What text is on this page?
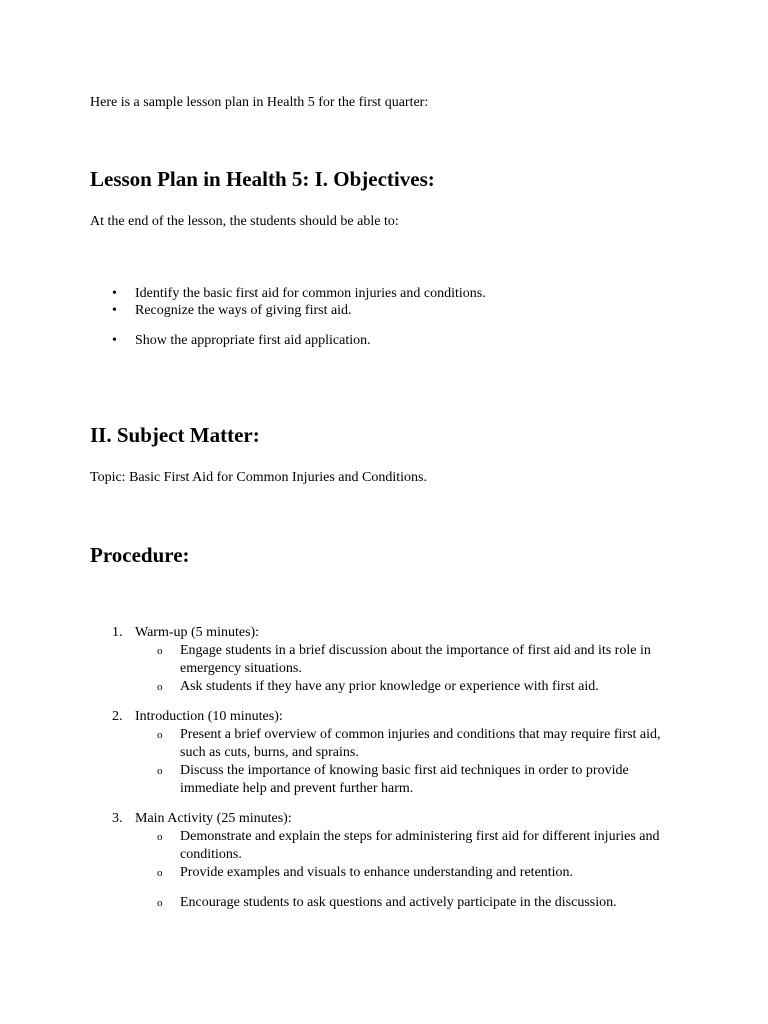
Here is a sample lesson plan in Health 5 for the first quarter:
Lesson Plan in Health 5: I. Objectives:
At the end of the lesson, the students should be able to:
•	Identify the basic first aid for common injuries and conditions.
•	Recognize the ways of giving first aid.
•	Show the appropriate first aid application.
II. Subject Matter:
Topic: Basic First Aid for Common Injuries and Conditions.
Procedure:
1. Warm-up (5 minutes):
o Engage students in a brief discussion about the importance of first aid and its role in emergency situations.
o Ask students if they have any prior knowledge or experience with first aid.
2. Introduction (10 minutes):
o Present a brief overview of common injuries and conditions that may require first aid, such as cuts, burns, and sprains.
o Discuss the importance of knowing basic first aid techniques in order to provide immediate help and prevent further harm.
3. Main Activity (25 minutes):
o Demonstrate and explain the steps for administering first aid for different injuries and conditions.
o Provide examples and visuals to enhance understanding and retention.
o Encourage students to ask questions and actively participate in the discussion.
